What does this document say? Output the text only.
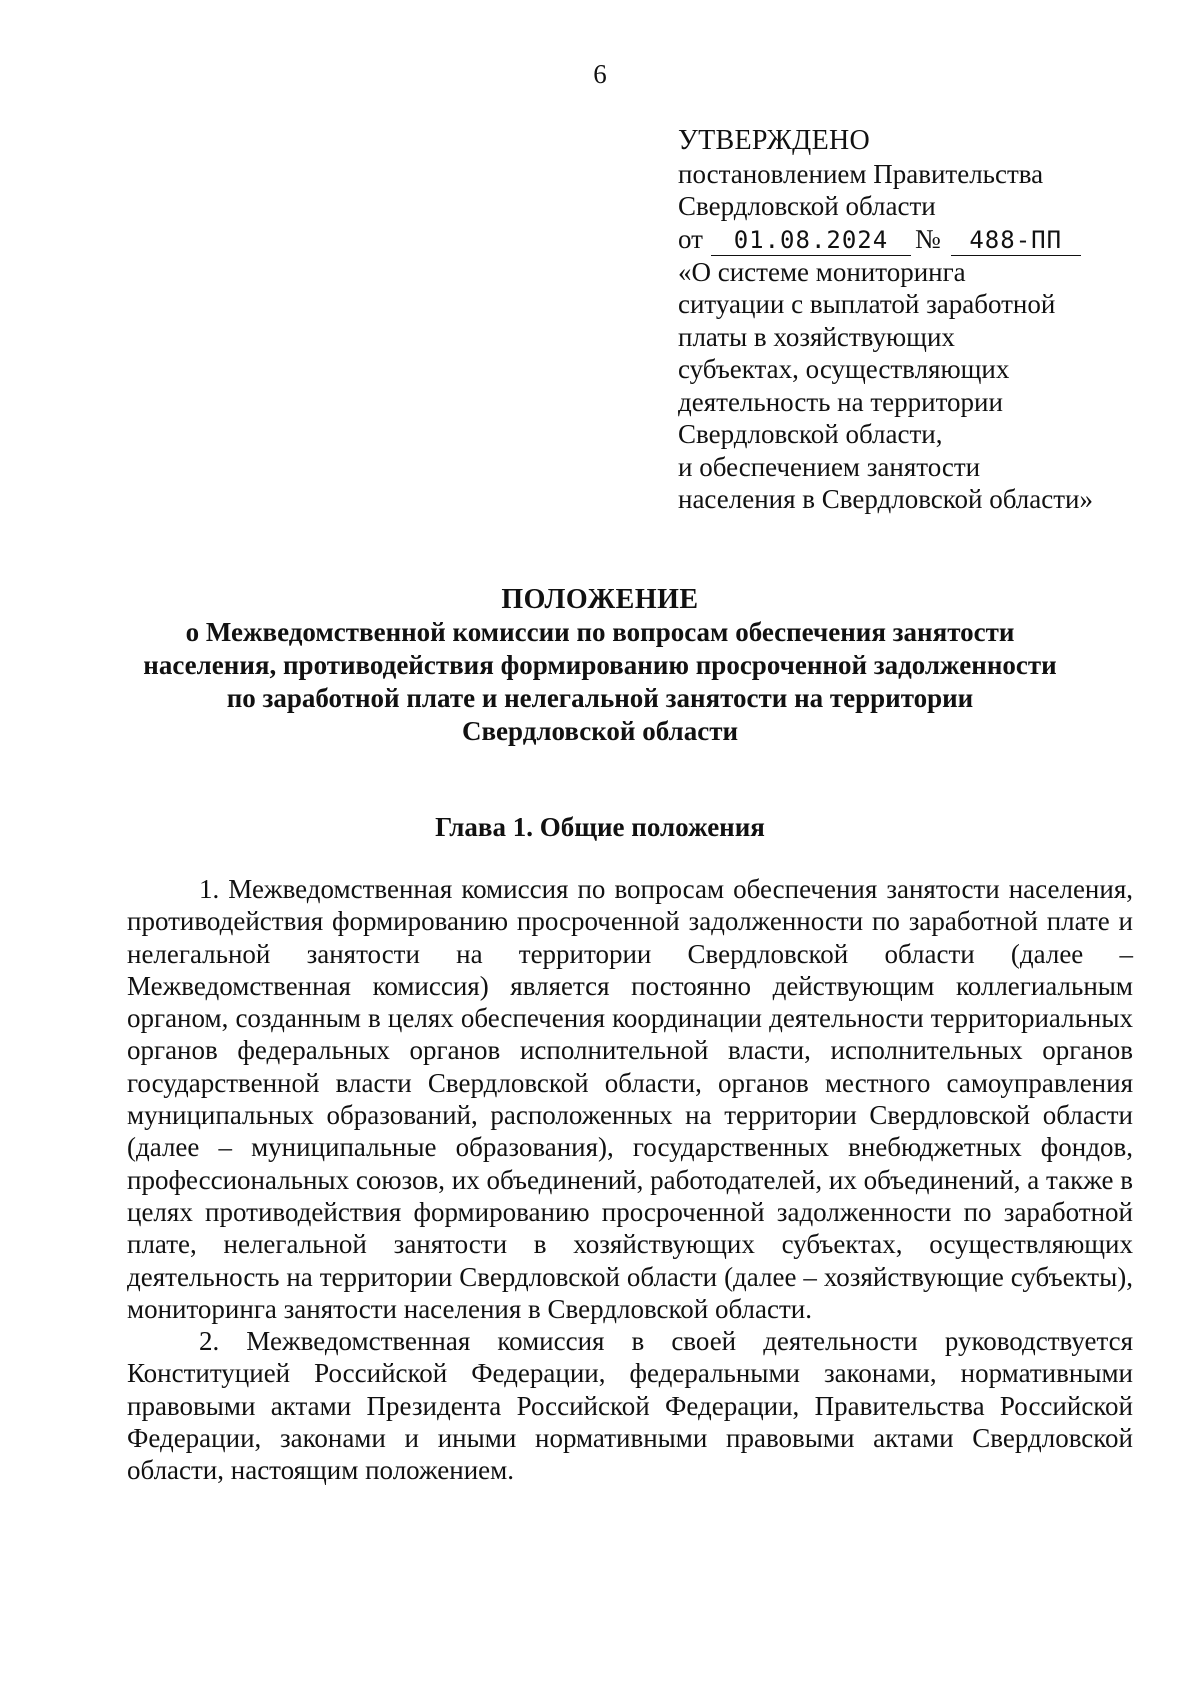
6
УТВЕРЖДЕНО
постановлением Правительства
Свердловской области
от 01.08.2024 № 488-ПП
«О системе мониторинга
ситуации с выплатой заработной
платы в хозяйствующих
субъектах, осуществляющих
деятельность на территории
Свердловской области,
и обеспечением занятости
населения в Свердловской области»
ПОЛОЖЕНИЕ
о Межведомственной комиссии по вопросам обеспечения занятости
населения, противодействия формированию просроченной задолженности
по заработной плате и нелегальной занятости на территории
Свердловской области
Глава 1. Общие положения

1. Межведомственная комиссия по вопросам обеспечения занятости населения, противодействия формированию просроченной задолженности по заработной плате и нелегальной занятости на территории Свердловской области (далее – Межведомственная комиссия) является постоянно действующим коллегиальным органом, созданным в целях обеспечения координации деятельности территориальных органов федеральных органов исполнительной власти, исполнительных органов государственной власти Свердловской области, органов местного самоуправления муниципальных образований, расположенных на территории Свердловской области (далее – муниципальные образования), государственных внебюджетных фондов, профессиональных союзов, их объединений, работодателей, их объединений, а также в целях противодействия формированию просроченной задолженности по заработной плате, нелегальной занятости в хозяйствующих субъектах, осуществляющих деятельность на территории Свердловской области (далее – хозяйствующие субъекты), мониторинга занятости населения в Свердловской области.

2. Межведомственная комиссия в своей деятельности руководствуется Конституцией Российской Федерации, федеральными законами, нормативными правовыми актами Президента Российской Федерации, Правительства Российской Федерации, законами и иными нормативными правовыми актами Свердловской области, настоящим положением.
